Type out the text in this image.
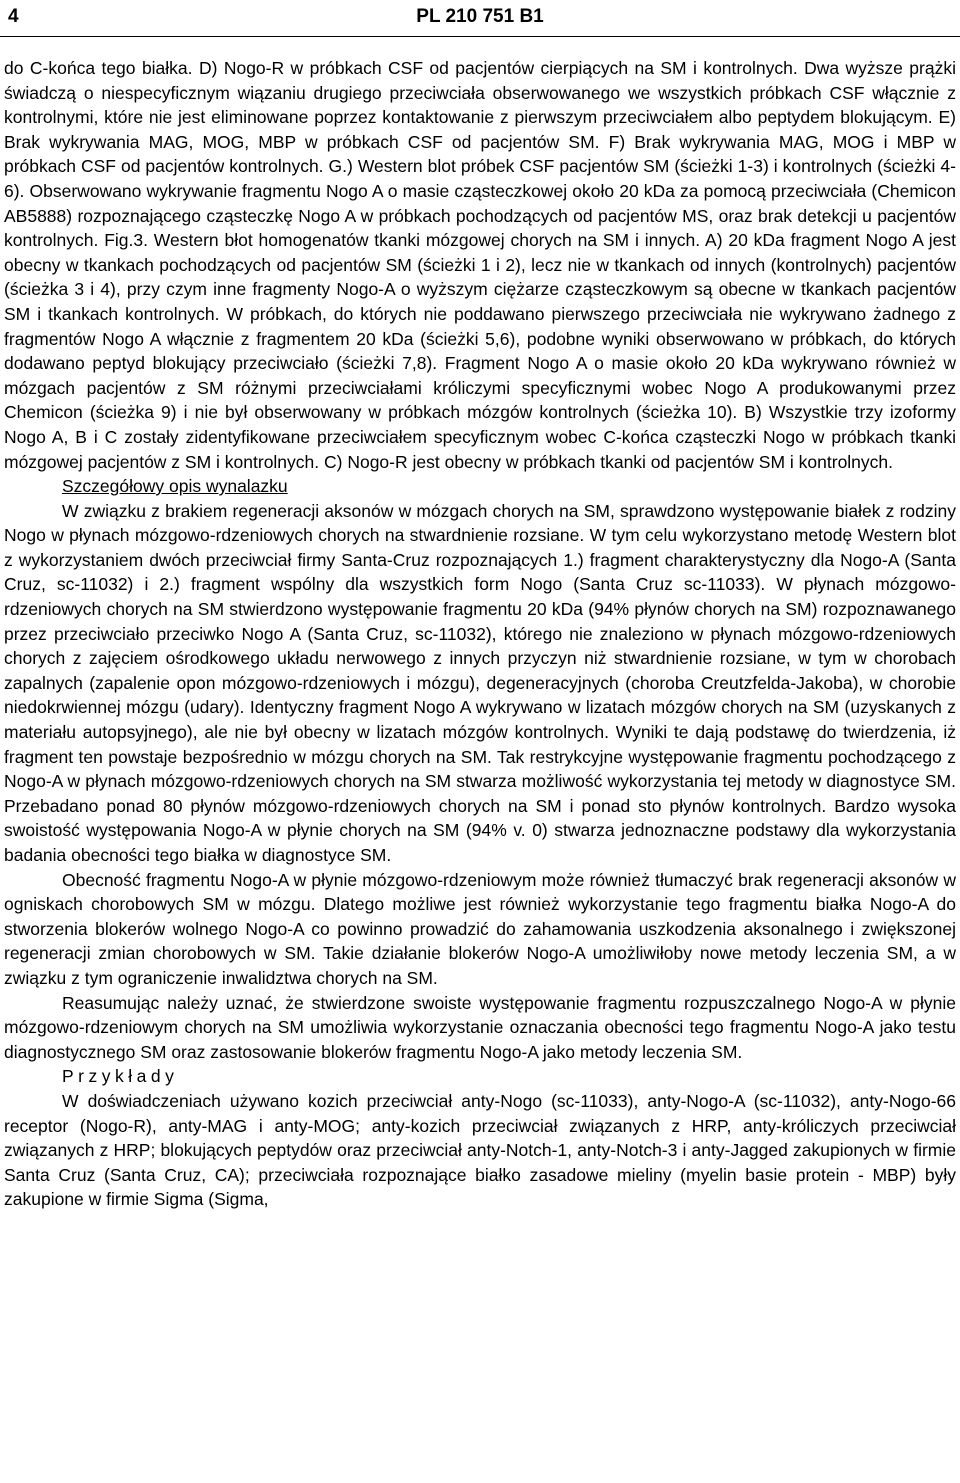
4	PL 210 751 B1

do C-końca tego białka. D) Nogo-R w próbkach CSF od pacjentów cierpiących na SM i kontrolnych. Dwa wyższe prążki świadczą o niespecyficznym wiązaniu drugiego przeciwciała obserwowanego we wszystkich próbkach CSF włącznie z kontrolnymi, które nie jest eliminowane poprzez kontaktowanie z pierwszym przeciwciałem albo peptydem blokującym. E) Brak wykrywania MAG, MOG, MBP w próbkach CSF od pacjentów SM. F) Brak wykrywania MAG, MOG i MBP w próbkach CSF od pacjentów kontrolnych. G.) Western blot próbek CSF pacjentów SM (ścieżki 1-3) i kontrolnych (ścieżki 4-6). Obserwowano wykrywanie fragmentu Nogo A o masie cząsteczkowej około 20 kDa za pomocą przeciwciała (Chemicon AB5888) rozpoznającego cząsteczkę Nogo A w próbkach pochodzących od pacjentów MS, oraz brak detekcji u pacjentów kontrolnych. Fig.3. Western błot homogenatów tkanki mózgowej chorych na SM i innych. A) 20 kDa fragment Nogo A jest obecny w tkankach pochodzących od pacjentów SM (ścieżki 1 i 2), lecz nie w tkankach od innych (kontrolnych) pacjentów (ścieżka 3 i 4), przy czym inne fragmenty Nogo-A o wyższym ciężarze cząsteczkowym są obecne w tkankach pacjentów SM i tkankach kontrolnych. W próbkach, do których nie poddawano pierwszego przeciwciała nie wykrywano żadnego z fragmentów Nogo A włącznie z fragmentem 20 kDa (ścieżki 5,6), podobne wyniki obserwowano w próbkach, do których dodawano peptyd blokujący przeciwciało (ścieżki 7,8). Fragment Nogo A o masie około 20 kDa wykrywano również w mózgach pacjentów z SM różnymi przeciwciałami króliczymi specyficznymi wobec Nogo A produkowanymi przez Chemicon (ścieżka 9) i nie był obserwowany w próbkach mózgów kontrolnych (ścieżka 10). B) Wszystkie trzy izoformy Nogo A, B i C zostały zidentyfikowane przeciwciałem specyficznym wobec C-końca cząsteczki Nogo w próbkach tkanki mózgowej pacjentów z SM i kontrolnych. C) Nogo-R jest obecny w próbkach tkanki od pacjentów SM i kontrolnych.

Szczegółowy opis wynalazku

W związku z brakiem regeneracji aksonów w mózgach chorych na SM, sprawdzono występowanie białek z rodziny Nogo w płynach mózgowo-rdzeniowych chorych na stwardnienie rozsiane. W tym celu wykorzystano metodę Western blot z wykorzystaniem dwóch przeciwciał firmy Santa-Cruz rozpoznających 1.) fragment charakterystyczny dla Nogo-A (Santa Cruz, sc-11032) i 2.) fragment wspólny dla wszystkich form Nogo (Santa Cruz sc-11033). W płynach mózgowo-rdzeniowych chorych na SM stwierdzono występowanie fragmentu 20 kDa (94% płynów chorych na SM) rozpoznawanego przez przeciwciało przeciwko Nogo A (Santa Cruz, sc-11032), którego nie znaleziono w płynach mózgowo-rdzeniowych chorych z zajęciem ośrodkowego układu nerwowego z innych przyczyn niż stwardnienie rozsiane, w tym w chorobach zapalnych (zapalenie opon mózgowo-rdzeniowych i mózgu), degeneracyjnych (choroba Creutzfelda-Jakoba), w chorobie niedokrwiennej mózgu (udary). Identyczny fragment Nogo A wykrywano w lizatach mózgów chorych na SM (uzyskanych z materiału autopsyjnego), ale nie był obecny w lizatach mózgów kontrolnych. Wyniki te dają podstawę do twierdzenia, iż fragment ten powstaje bezpośrednio w mózgu chorych na SM. Tak restrykcyjne występowanie fragmentu pochodzącego z Nogo-A w płynach mózgowo-rdzeniowych chorych na SM stwarza możliwość wykorzystania tej metody w diagnostyce SM. Przebadano ponad 80 płynów mózgowo-rdzeniowych chorych na SM i ponad sto płynów kontrolnych. Bardzo wysoka swoistość występowania Nogo-A w płynie chorych na SM (94% v. 0) stwarza jednoznaczne podstawy dla wykorzystania badania obecności tego białka w diagnostyce SM.

Obecność fragmentu Nogo-A w płynie mózgowo-rdzeniowym może również tłumaczyć brak regeneracji aksonów w ogniskach chorobowych SM w mózgu. Dlatego możliwe jest również wykorzystanie tego fragmentu białka Nogo-A do stworzenia blokerów wolnego Nogo-A co powinno prowadzić do zahamowania uszkodzenia aksonalnego i zwiększonej regeneracji zmian chorobowych w SM. Takie działanie blokerów Nogo-A umożliwiłoby nowe metody leczenia SM, a w związku z tym ograniczenie inwalidztwa chorych na SM.

Reasumując należy uznać, że stwierdzone swoiste występowanie fragmentu rozpuszczalnego Nogo-A w płynie mózgowo-rdzeniowym chorych na SM umożliwia wykorzystanie oznaczania obecności tego fragmentu Nogo-A jako testu diagnostycznego SM oraz zastosowanie blokerów fragmentu Nogo-A jako metody leczenia SM.

Przykłady

W doświadczeniach używano kozich przeciwciał anty-Nogo (sc-11033), anty-Nogo-A (sc-11032), anty-Nogo-66 receptor (Nogo-R), anty-MAG i anty-MOG; anty-kozich przeciwciał związanych z HRP, anty-króliczych przeciwciał związanych z HRP; blokujących peptydów oraz przeciwciał anty-Notch-1, anty-Notch-3 i anty-Jagged zakupionych w firmie Santa Cruz (Santa Cruz, CA); przeciwciała rozpoznające białko zasadowe mieliny (myelin basie protein - MBP) były zakupione w firmie Sigma (Sigma,
